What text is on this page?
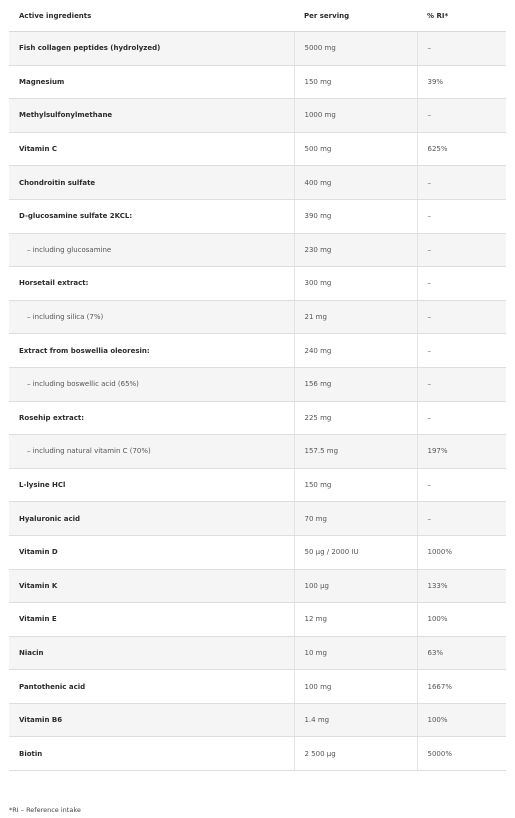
Active ingredients	Per serving	% RI*
Fish collagen peptides (hydrolyzed)	5000 mg	–
Magnesium	150 mg	39%
Methylsulfonylmethane	1000 mg	–
Vitamin C	500 mg	625%
Chondroitin sulfate	400 mg	–
D-glucosamine sulfate 2KCL:	390 mg	–
– including glucosamine	230 mg	–
Horsetail extract:	300 mg	–
– including silica (7%)	21 mg	–
Extract from boswellia oleoresin:	240 mg	–
– including boswellic acid (65%)	156 mg	–
Rosehip extract:	225 mg	–
– including natural vitamin C (70%)	157.5 mg	197%
L-lysine HCl	150 mg	–
Hyaluronic acid	70 mg	–
Vitamin D	50 µg / 2000 IU	1000%
Vitamin K	100 µg	133%
Vitamin E	12 mg	100%
Niacin	10 mg	63%
Pantothenic acid	100 mg	1667%
Vitamin B6	1.4 mg	100%
Biotin	2 500 µg	5000%
*RI – Reference intake
